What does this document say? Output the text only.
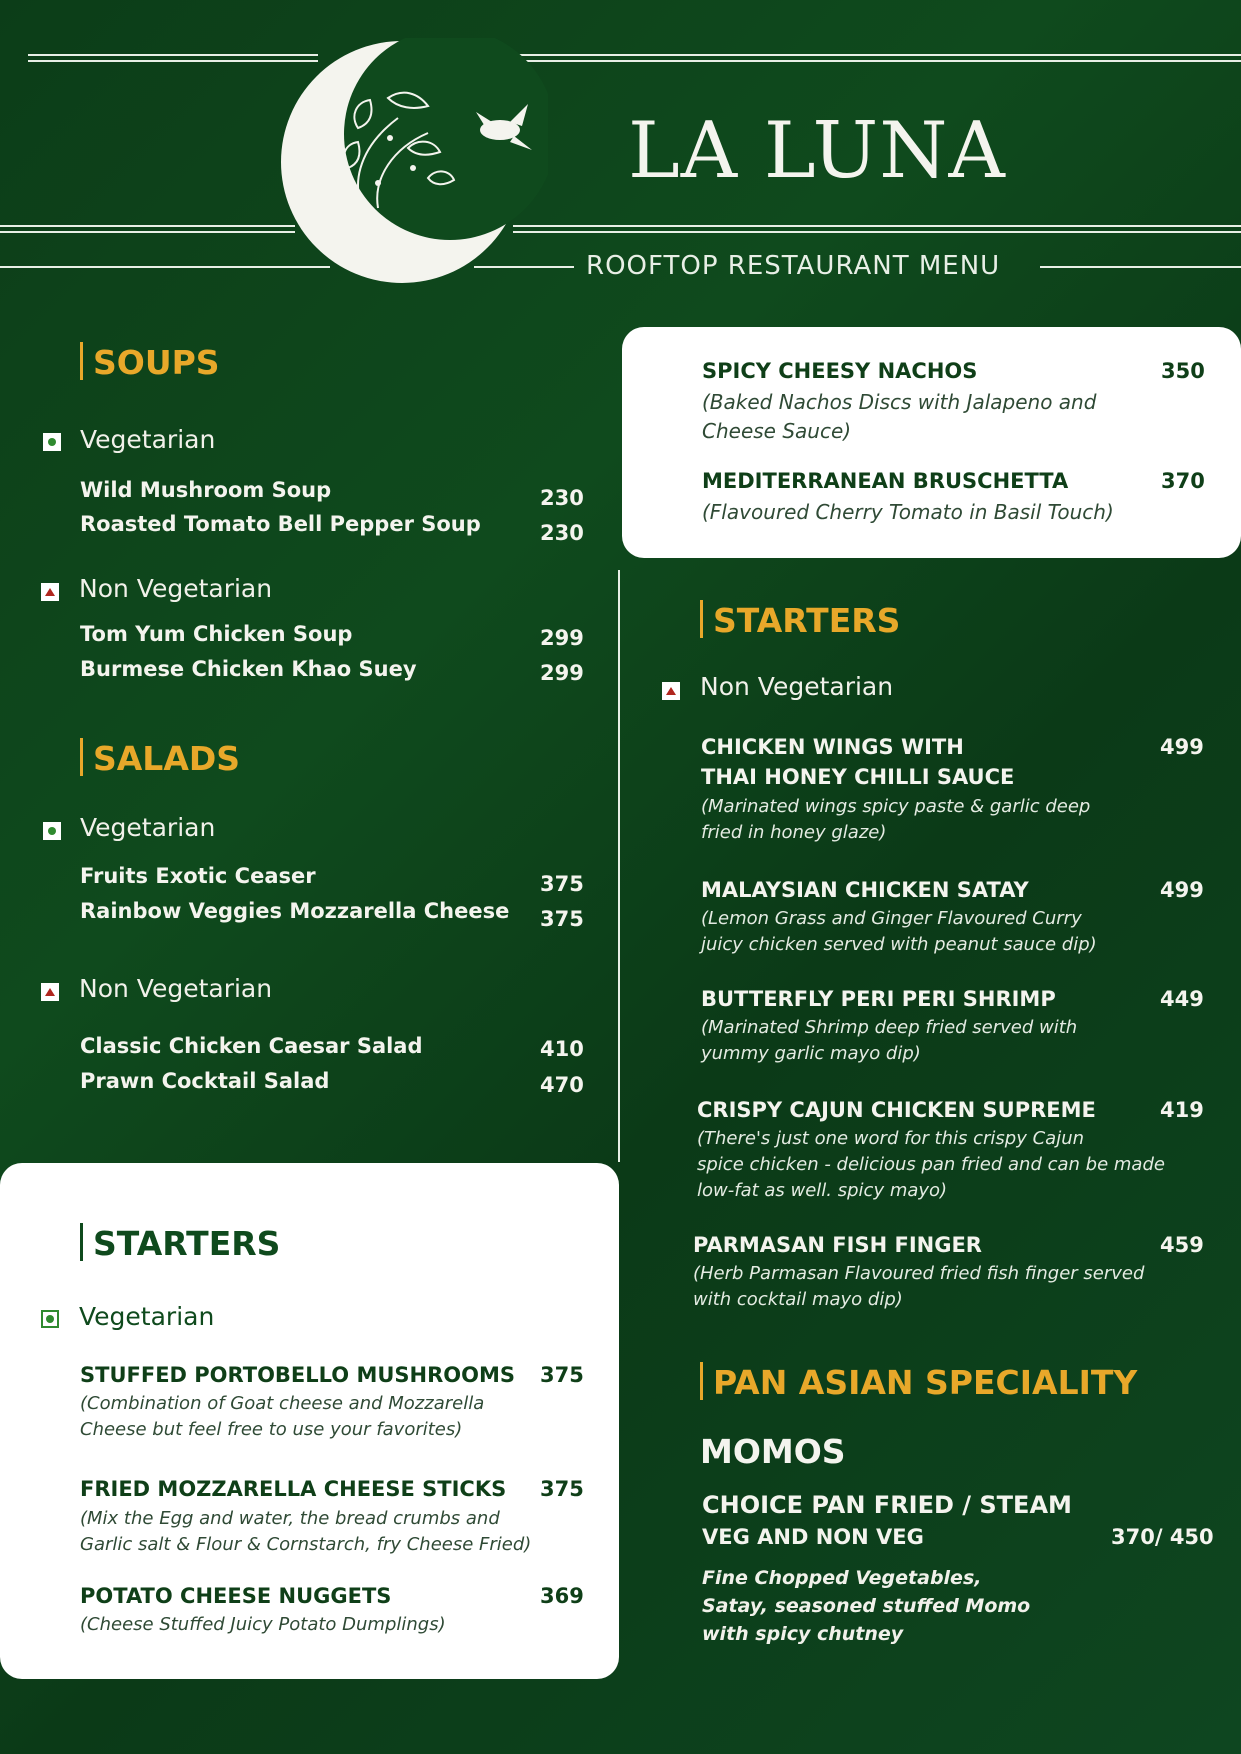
LA LUNA
ROOFTOP RESTAURANT MENU
SOUPS
Vegetarian
Wild Mushroom Soup	230
Roasted Tomato Bell Pepper Soup	230
Non Vegetarian
Tom Yum Chicken Soup	299
Burmese Chicken Khao Suey	299
SALADS
Vegetarian
Fruits Exotic Ceaser	375
Rainbow Veggies Mozzarella Cheese 375
Non Vegetarian
Classic Chicken Caesar Salad	410
Prawn Cocktail Salad	470
STARTERS
Vegetarian
STUFFED PORTOBELLO MUSHROOMS 375
(Combination of Goat cheese and Mozzarella
Cheese but feel free to use your favorites)
FRIED MOZZARELLA CHEESE STICKS 375
(Mix the Egg and water, the bread crumbs and
Garlic salt & Flour & Cornstarch, fry Cheese Fried)
POTATO CHEESE NUGGETS	369
(Cheese Stuffed Juicy Potato Dumplings)
SPICY CHEESY NACHOS	350
(Baked Nachos Discs with Jalapeno and
Cheese Sauce)
MEDITERRANEAN BRUSCHETTA	370
(Flavoured Cherry Tomato in Basil Touch)
STARTERS
Non Vegetarian
CHICKEN WINGS WITH
THAI HONEY CHILLI SAUCE
499
(Marinated wings spicy paste & garlic deep
fried in honey glaze)
MALAYSIAN CHICKEN SATAY	499
(Lemon Grass and Ginger Flavoured Curry
juicy chicken served with peanut sauce dip)
BUTTERFLY PERI PERI SHRIMP	449
(Marinated Shrimp deep fried served with
yummy garlic mayo dip)
CRISPY CAJUN CHICKEN SUPREME	419
(There's just one word for this crispy Cajun
spice chicken - delicious pan fried and can be made
low-fat as well. spicy mayo)
PARMASAN FISH FINGER	459
(Herb Parmasan Flavoured fried fish finger served
with cocktail mayo dip)
PAN ASIAN SPECIALITY
MOMOS
CHOICE PAN FRIED / STEAM
VEG AND NON VEG	370/ 450
Fine Chopped Vegetables,
Satay, seasoned stuffed Momo
with spicy chutney
